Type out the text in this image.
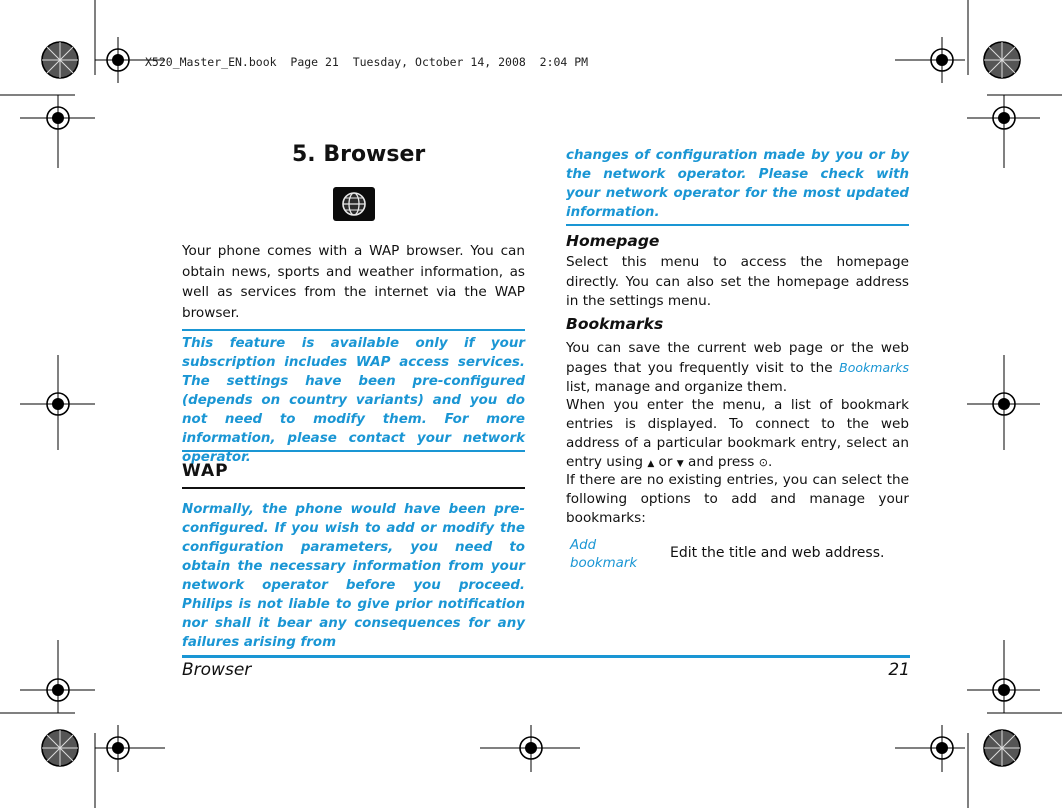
X520_Master_EN.book  Page 21  Tuesday, October 14, 2008  2:04 PM
5. Browser
Your phone comes with a WAP browser. You can obtain news, sports and weather information, as well as services from the internet via the WAP browser.
This feature is available only if your subscription includes WAP access services. The settings have been pre-configured (depends on country variants) and you do not need to modify them. For more information, please contact your network operator.
WAP
Normally, the phone would have been pre-configured. If you wish to add or modify the configuration parameters, you need to obtain the necessary information from your network operator before you proceed. Philips is not liable to give prior notification nor shall it bear any consequences for any failures arising from
changes of configuration made by you or by the network operator. Please check with your network operator for the most updated information.
Homepage
Select this menu to access the homepage directly. You can also set the homepage address in the settings menu.
Bookmarks
You can save the current web page or the web pages that you frequently visit to the Bookmarks list, manage and organize them.
When you enter the menu, a list of bookmark entries is displayed. To connect to the web address of a particular bookmark entry, select an entry using ▲ or ▼ and press ⊙.
If there are no existing entries, you can select the following options to add and manage your bookmarks:
Add bookmark
Edit the title and web address.
Browser	21
